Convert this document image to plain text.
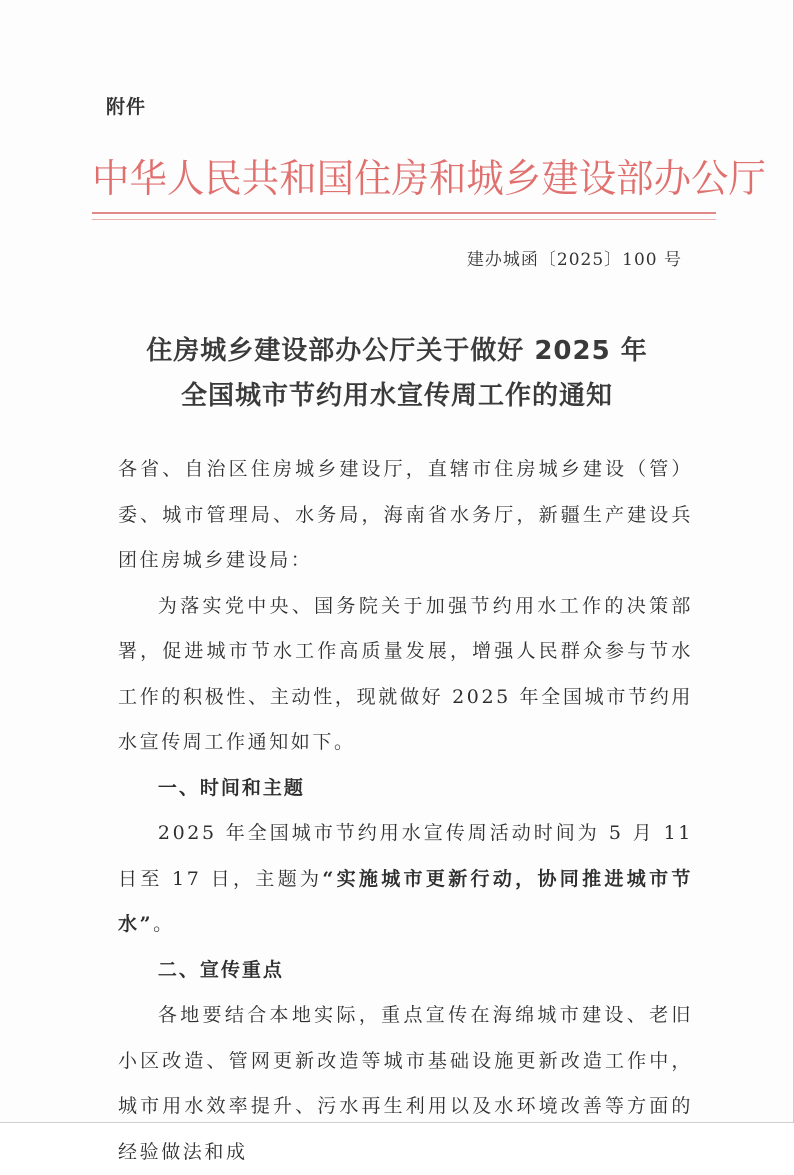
附件
中华人民共和国住房和城乡建设部办公厅
建办城函〔2025〕100 号
住房城乡建设部办公厅关于做好 2025 年
全国城市节约用水宣传周工作的通知

各省、自治区住房城乡建设厅，直辖市住房城乡建设（管）委、城市管理局、水务局，海南省水务厅，新疆生产建设兵团住房城乡建设局：

为落实党中央、国务院关于加强节约用水工作的决策部署，促进城市节水工作高质量发展，增强人民群众参与节水工作的积极性、主动性，现就做好 2025 年全国城市节约用水宣传周工作通知如下。

一、时间和主题

2025 年全国城市节约用水宣传周活动时间为 5 月 11 日至 17 日，主题为“实施城市更新行动，协同推进城市节水”。

二、宣传重点

各地要结合本地实际，重点宣传在海绵城市建设、老旧小区改造、管网更新改造等城市基础设施更新改造工作中，城市用水效率提升、污水再生利用以及水环境改善等方面的经验做法和成
